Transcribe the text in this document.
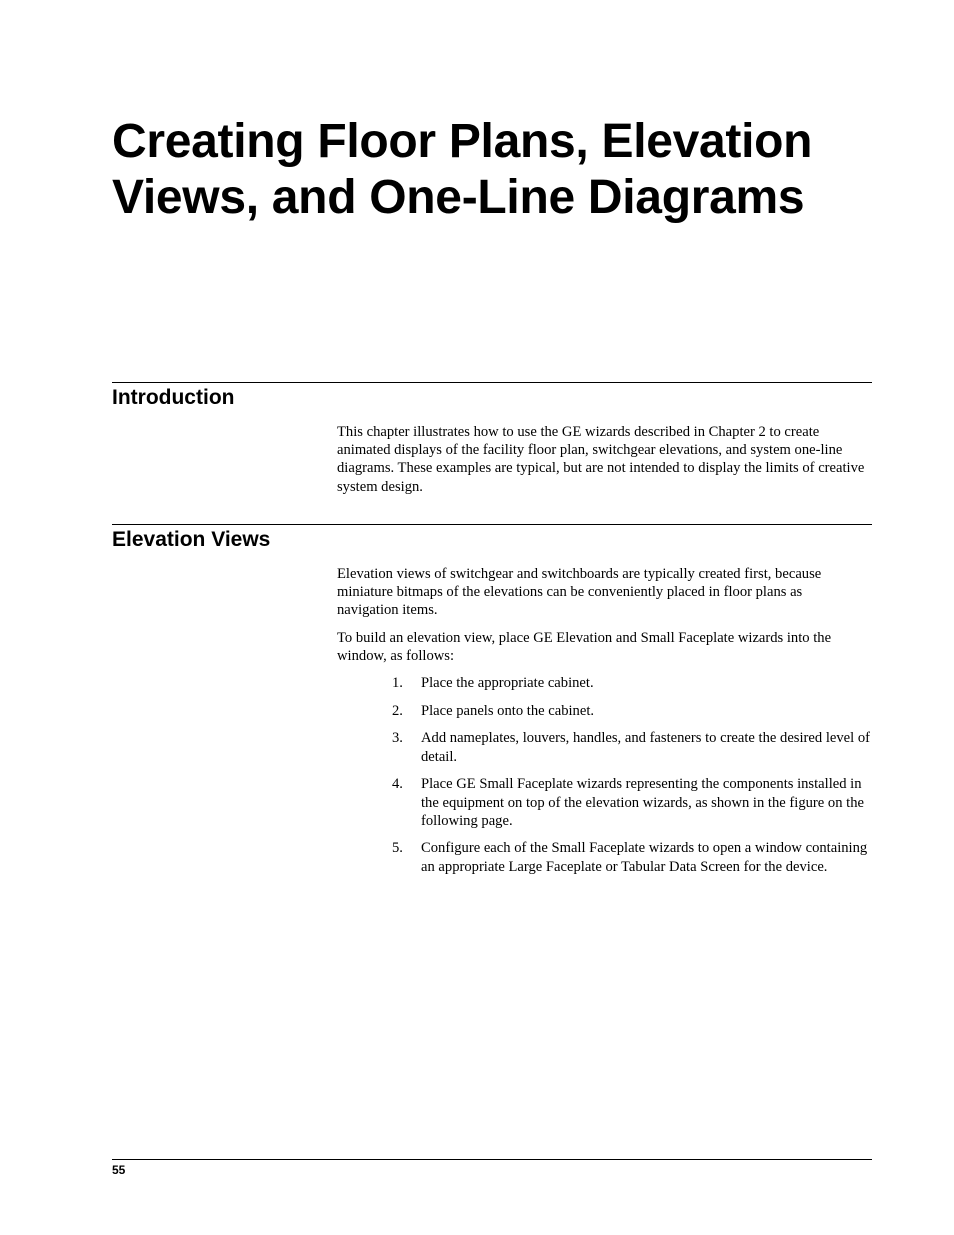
Creating Floor Plans, Elevation
Views, and One-Line Diagrams
Introduction

This chapter illustrates how to use the GE wizards described in Chapter 2 to create animated displays of the facility floor plan, switchgear elevations, and system one-line diagrams. These examples are typical, but are not intended to display the limits of creative system design.

Elevation Views

Elevation views of switchgear and switchboards are typically created first, because miniature bitmaps of the elevations can be conveniently placed in floor plans as navigation items.

To build an elevation view, place GE Elevation and Small Faceplate wizards into the window, as follows:

1. Place the appropriate cabinet.
2. Place panels onto the cabinet.
3. Add nameplates, louvers, handles, and fasteners to create the desired level of detail.
4. Place GE Small Faceplate wizards representing the components installed in the equipment on top of the elevation wizards, as shown in the figure on the following page.
5. Configure each of the Small Faceplate wizards to open a window containing an appropriate Large Faceplate or Tabular Data Screen for the device.
55
